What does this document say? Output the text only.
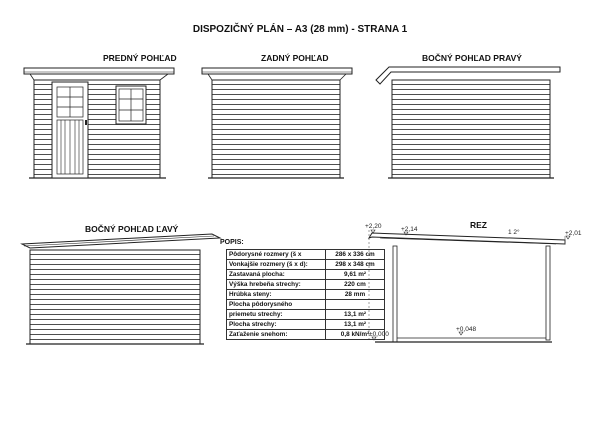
DISPOZIČNÝ PLÁN – A3 (28 mm) - STRANA 1
PREDNÝ POHĽAD	ZADNÝ POHĽAD	BOČNÝ POHĽAD PRAVÝ
BOČNÝ POHĽAD ĽAVÝ	REZ
+2,20	+2,14
+2,01
1 2°
±0,000
+0,048
POPIS:
Pôdorysné rozmery (š x	286 x 336 cm
Vonkajšie rozmery (š x d):	298 x 348 cm
Zastavaná plocha:	9,61 m²
Výška hrebeňa strechy:	220 cm
Hrúbka steny:	28 mm
Plocha pôdorysného	
priemetu strechy:	13,1 m²
Plocha strechy:	13,1 m²
Zaťaženie snehom:	0,8 kN/m²
